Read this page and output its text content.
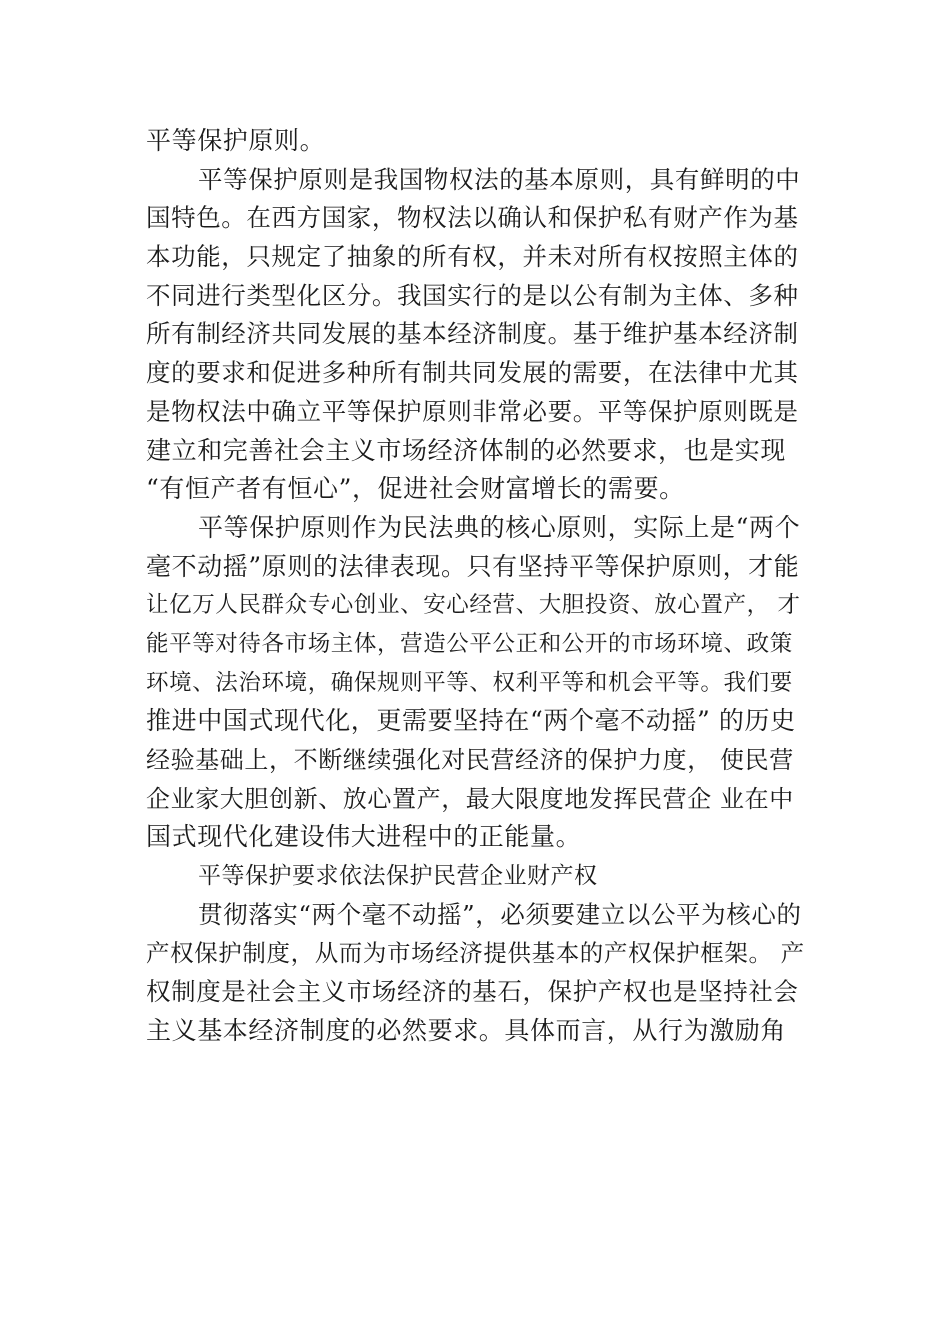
平等保护原则。
平等保护原则是我国物权法的基本原则，具有鲜明的中
国特色。在西方国家，物权法以确认和保护私有财产作为基
本功能，只规定了抽象的所有权，并未对所有权按照主体的
不同进行类型化区分。我国实行的是以公有制为主体、多种
所有制经济共同发展的基本经济制度。基于维护基本经济制
度的要求和促进多种所有制共同发展的需要，在法律中尤其
是物权法中确立平等保护原则非常必要。平等保护原则既是
建立和完善社会主义市场经济体制的必然要求，也是实现
“有恒产者有恒心”，促进社会财富增长的需要。
平等保护原则作为民法典的核心原则，实际上是“两个
毫不动摇”原则的法律表现。只有坚持平等保护原则，才能
让亿万人民群众专心创业、安心经营、大胆投资、放心置产， 才
能平等对待各市场主体，营造公平公正和公开的市场环境、政策
环境、法治环境，确保规则平等、权利平等和机会平等。我们要
推进中国式现代化，更需要坚持在“两个毫不动摇” 的历史
经验基础上，不断继续强化对民营经济的保护力度， 使民营
企业家大胆创新、放心置产，最大限度地发挥民营企 业在中
国式现代化建设伟大进程中的正能量。
平等保护要求依法保护民营企业财产权
贯彻落实“两个毫不动摇”，必须要建立以公平为核心的
产权保护制度，从而为市场经济提供基本的产权保护框架。 产
权制度是社会主义市场经济的基石，保护产权也是坚持社会
主义基本经济制度的必然要求。具体而言，从行为激励角
